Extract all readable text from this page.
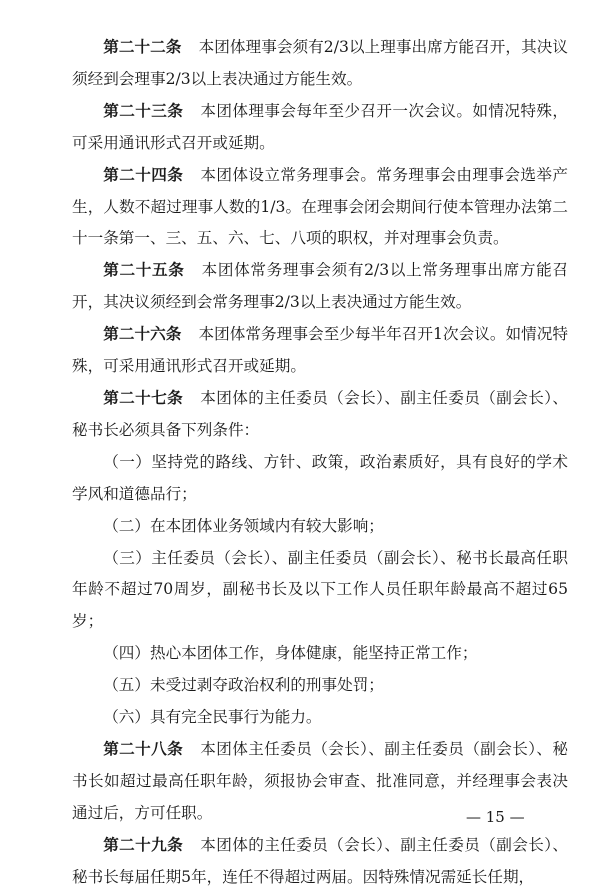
第二十二条 本团体理事会须有2/3以上理事出席方能召开，其决议须经到会理事2/3以上表决通过方能生效。

第二十三条 本团体理事会每年至少召开一次会议。如情况特殊，可采用通讯形式召开或延期。

第二十四条 本团体设立常务理事会。常务理事会由理事会选举产生，人数不超过理事人数的1/3。在理事会闭会期间行使本管理办法第二十一条第一、三、五、六、七、八项的职权，并对理事会负责。

第二十五条 本团体常务理事会须有2/3以上常务理事出席方能召开，其决议须经到会常务理事2/3以上表决通过方能生效。

第二十六条 本团体常务理事会至少每半年召开1次会议。如情况特殊，可采用通讯形式召开或延期。

第二十七条 本团体的主任委员（会长）、副主任委员（副会长）、秘书长必须具备下列条件：

（一）坚持党的路线、方针、政策，政治素质好，具有良好的学术学风和道德品行；

（二）在本团体业务领域内有较大影响；

（三）主任委员（会长）、副主任委员（副会长）、秘书长最高任职年龄不超过70周岁，副秘书长及以下工作人员任职年龄最高不超过65岁；

（四）热心本团体工作，身体健康，能坚持正常工作；

（五）未受过剥夺政治权利的刑事处罚；

（六）具有完全民事行为能力。

第二十八条 本团体主任委员（会长）、副主任委员（副会长）、秘书长如超过最高任职年龄，须报协会审查、批准同意，并经理事会表决通过后，方可任职。

第二十九条 本团体的主任委员（会长）、副主任委员（副会长）、秘书长每届任期5年，连任不得超过两届。因特殊情况需延长任期，

— 15 —
